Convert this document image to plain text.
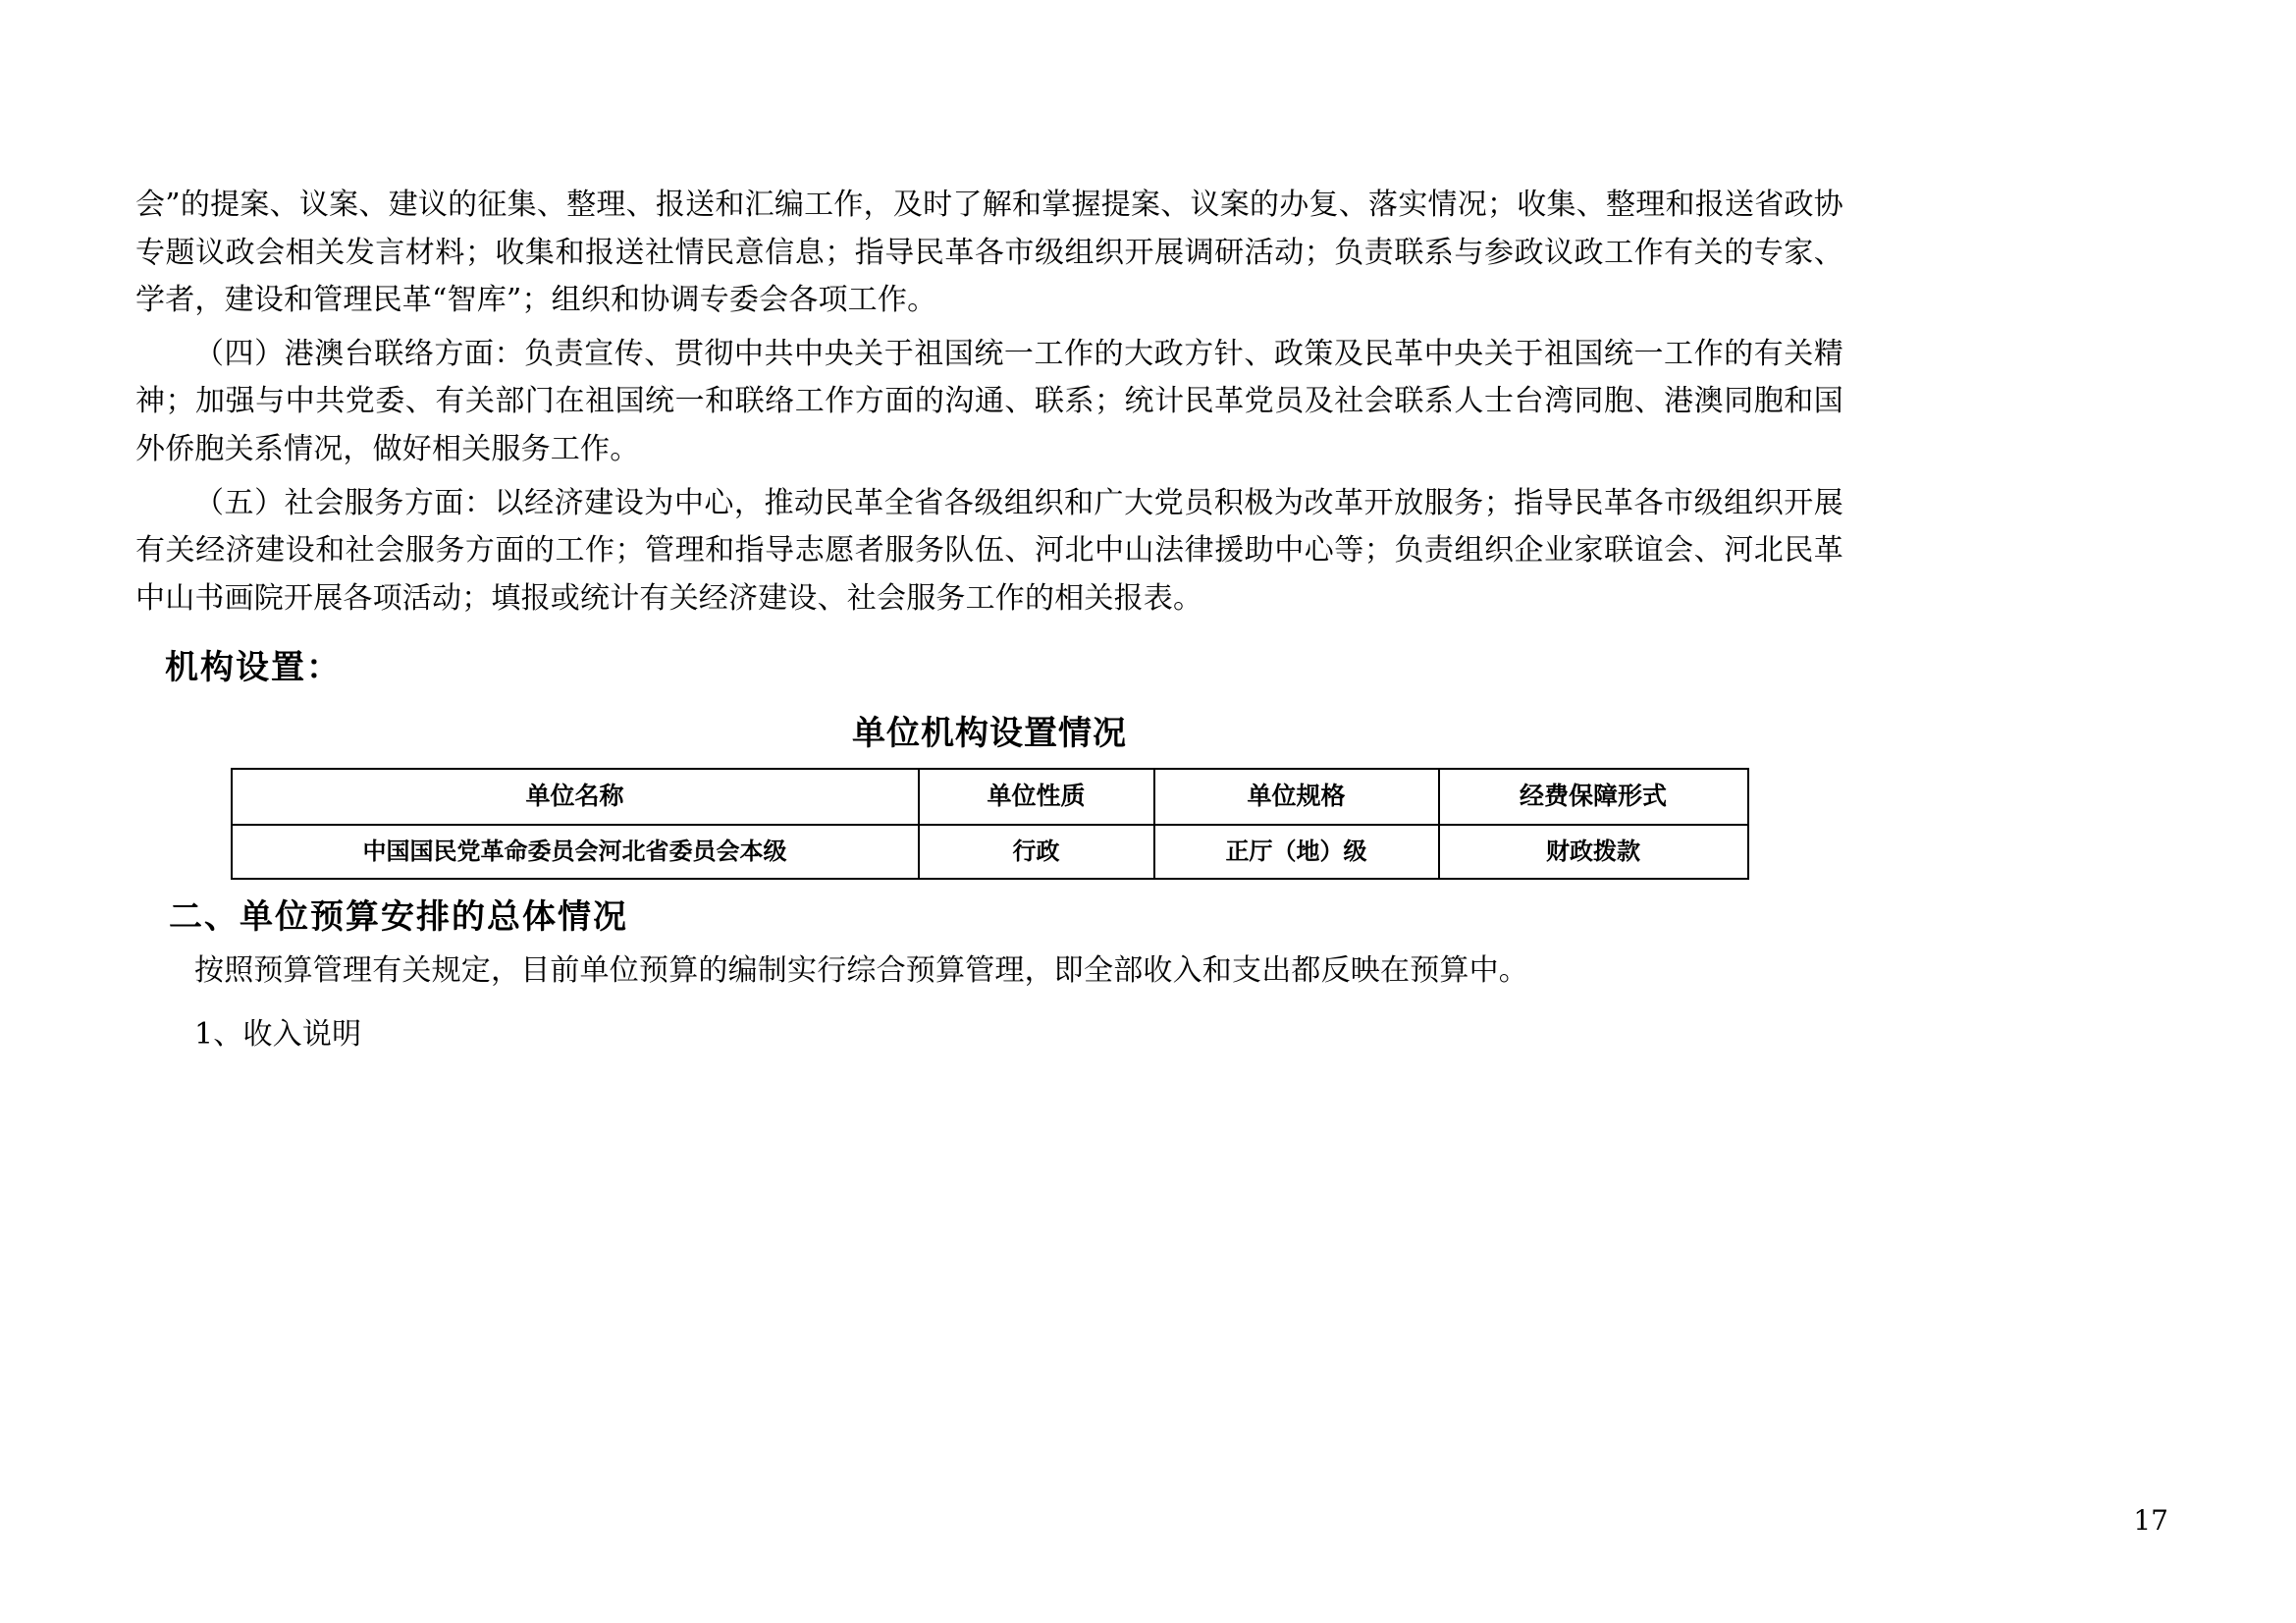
会”的提案、议案、建议的征集、整理、报送和汇编工作，及时了解和掌握提案、议案的办复、落实情况；收集、整理和报送省政协专题议政会相关发言材料；收集和报送社情民意信息；指导民革各市级组织开展调研活动；负责联系与参政议政工作有关的专家、学者，建设和管理民革“智库”；组织和协调专委会各项工作。

（四）港澳台联络方面：负责宣传、贯彻中共中央关于祖国统一工作的大政方针、政策及民革中央关于祖国统一工作的有关精神；加强与中共党委、有关部门在祖国统一和联络工作方面的沟通、联系；统计民革党员及社会联系人士台湾同胞、港澳同胞和国外侨胞关系情况，做好相关服务工作。

（五）社会服务方面：以经济建设为中心，推动民革全省各级组织和广大党员积极为改革开放服务；指导民革各市级组织开展有关经济建设和社会服务方面的工作；管理和指导志愿者服务队伍、河北中山法律援助中心等；负责组织企业家联谊会、河北民革中山书画院开展各项活动；填报或统计有关经济建设、社会服务工作的相关报表。

机构设置：
单位机构设置情况
单位名称	单位性质	单位规格	经费保障形式
中国国民党革命委员会河北省委员会本级	行政	正厅（地）级	财政拨款
二、单位预算安排的总体情况

按照预算管理有关规定，目前单位预算的编制实行综合预算管理，即全部收入和支出都反映在预算中。

1、收入说明

17
